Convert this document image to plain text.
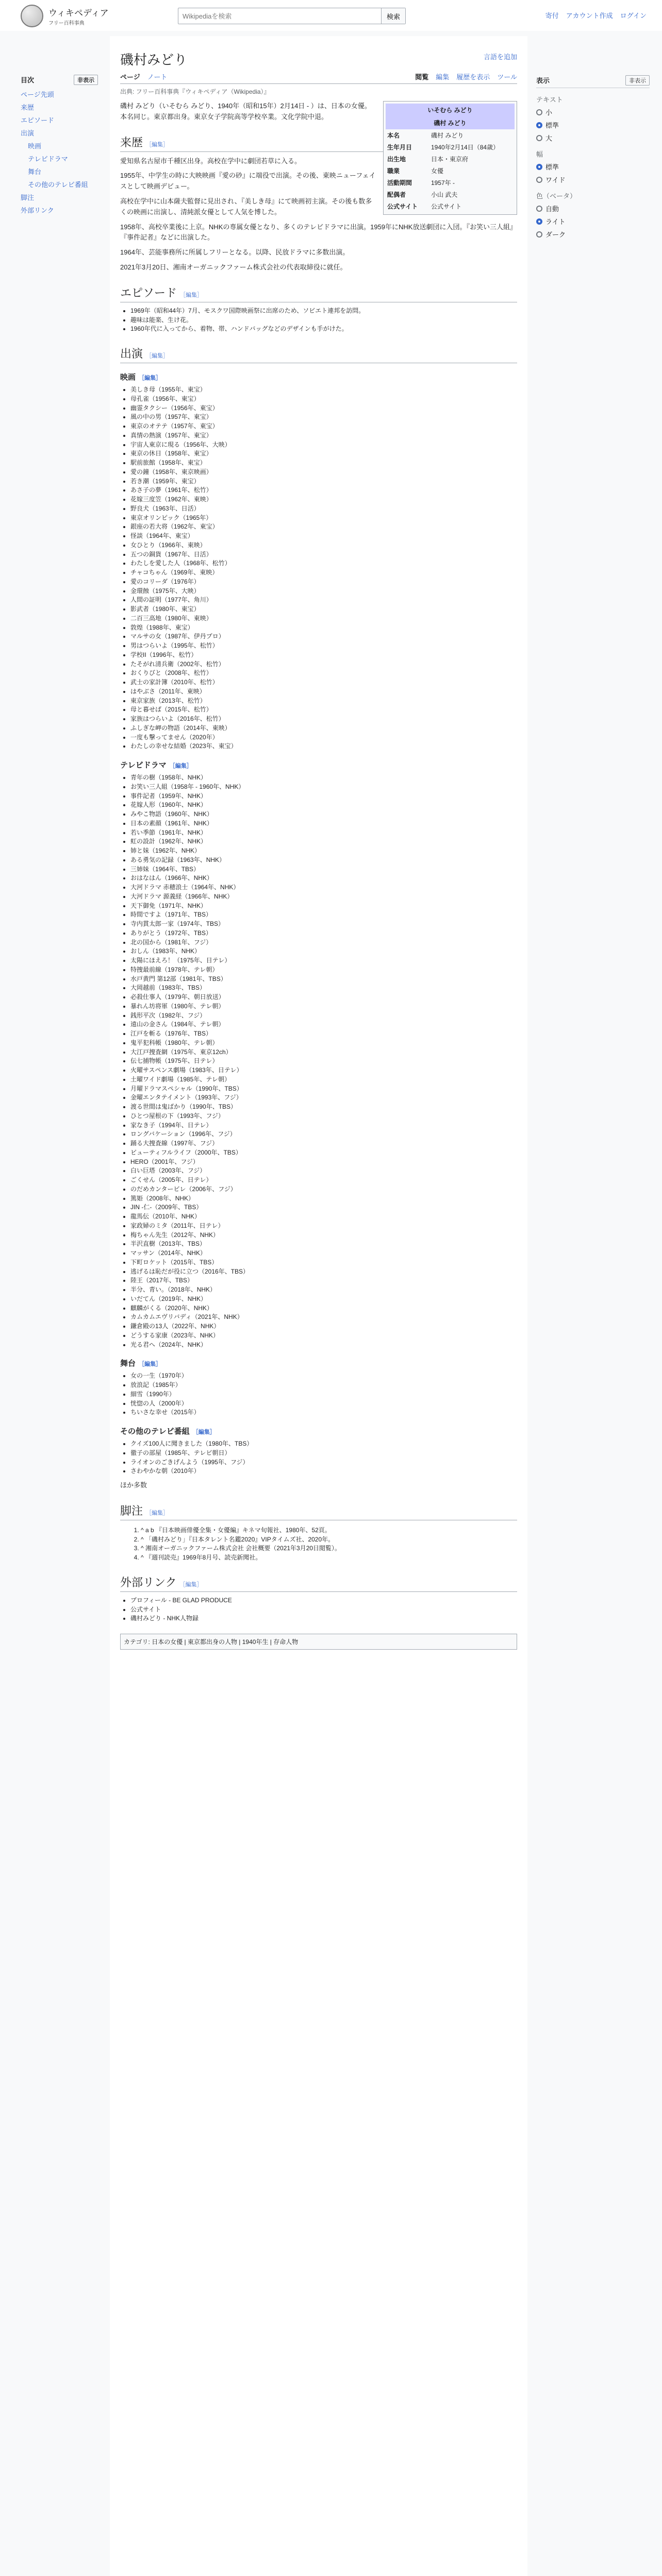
ウィキペディア
フリー百科事典
Wikipediaを検索
検索	寄付 アカウント作成 ログイン
目次	非表示
ページ先頭
来歴
エピソード
出演
映画
テレビドラマ
舞台
その他のテレビ番組
脚注
外部リンク
磯村みどり	言語を追加
ページ ノート	閲覧 編集 履歴を表示 ツール
出典: フリー百科事典『ウィキペディア（Wikipedia）』
いそむら みどり
磯村 みどり
本名	磯村 みどり
生年月日	1940年2月14日（84歳）
出生地	日本・東京府
職業	女優
活動期間	1957年 -
配偶者	小山 武夫
公式サイト	公式サイト

磯村 みどり（いそむら みどり、1940年（昭和15年）2月14日 - ）は、日本の女優。本名同じ。東京都出身。東京女子学院高等学校卒業。文化学院中退。

来歴 ［編集］

愛知県名古屋市千種区出身。高校在学中に劇団若草に入る。

1955年、中学生の時に大映映画『愛の砂』に端役で出演。その後、東映ニューフェイスとして映画デビュー。

高校在学中に山本薩夫監督に見出され、『美しき母』にて映画初主演。その後も数多くの映画に出演し、清純派女優として人気を博した。

1958年、高校卒業後に上京。NHKの専属女優となり、多くのテレビドラマに出演。1959年にNHK放送劇団に入団。『お笑い三人組』『事件記者』などに出演した。

1964年、芸能事務所に所属しフリーとなる。以降、民放ドラマに多数出演。

2021年3月20日、湘南オーガニックファーム株式会社の代表取締役に就任。

エピソード ［編集］
• 1969年（昭和44年）7月、モスクワ国際映画祭に出席のため、ソビエト連邦を訪問。
• 趣味は能楽、生け花。
• 1960年代に入ってから、着物、帯、ハンドバッグなどのデザインも手がけた。
出演 ［編集］
映画 ［編集］
• 美しき母（1955年、東宝）
• 母孔雀（1956年、東宝）
• 幽霊タクシー（1956年、東宝）
• 風の中の男（1957年、東宝）
• 東京のオテテ（1957年、東宝）
• 真情の熱演（1957年、東宝）
• 宇宙人東京に現る（1956年、大映）
• 東京の休日（1958年、東宝）
• 駅前旅館（1958年、東宝）
• 愛の鐘（1958年、東京映画）
• 若き潮（1959年、東宝）
• あさ子の夢（1961年、松竹）
• 花嫁三度笠（1962年、東映）
• 野良犬（1963年、日活）
• 東京オリンピック（1965年）
• 銀座の若大将（1962年、東宝）
• 怪談（1964年、東宝）
• 女ひとり（1966年、東映）
• 五つの銅貨（1967年、日活）
• わたしを愛した人（1968年、松竹）
• チャコちゃん（1969年、東映）
• 愛のコリーダ（1976年）
• 金環蝕（1975年、大映）
• 人間の証明（1977年、角川）
• 影武者（1980年、東宝）
• 二百三高地（1980年、東映）
• 敦煌（1988年、東宝）
• マルサの女（1987年、伊丹プロ）
• 男はつらいよ（1995年、松竹）
• 学校II（1996年、松竹）
• たそがれ清兵衛（2002年、松竹）
• おくりびと（2008年、松竹）
• 武士の家計簿（2010年、松竹）
• はやぶさ（2011年、東映）
• 東京家族（2013年、松竹）
• 母と暮せば（2015年、松竹）
• 家族はつらいよ（2016年、松竹）
• ふしぎな岬の物語（2014年、東映）
• 一度も撃ってません（2020年）
• わたしの幸せな結婚（2023年、東宝）
テレビドラマ ［編集］
• 青年の樹（1958年、NHK）
• お笑い三人組（1958年 - 1960年、NHK）
• 事件記者（1959年、NHK）
• 花嫁人形（1960年、NHK）
• みやこ物語（1960年、NHK）
• 日本の素顔（1961年、NHK）
• 若い季節（1961年、NHK）
• 虹の設計（1962年、NHK）
• 姉と妹（1962年、NHK）
• ある勇気の記録（1963年、NHK）
• 三姉妹（1964年、TBS）
• おはなはん（1966年、NHK）
• 大河ドラマ 赤穂浪士（1964年、NHK）
• 大河ドラマ 源義経（1966年、NHK）
• 天下御免（1971年、NHK）
• 時間ですよ（1971年、TBS）
• 寺内貫太郎一家（1974年、TBS）
• ありがとう（1972年、TBS）
• 北の国から（1981年、フジ）
• おしん（1983年、NHK）
• 太陽にほえろ！（1975年、日テレ）
• 特捜最前線（1978年、テレ朝）
• 水戸黄門 第12部（1981年、TBS）
• 大岡越前（1983年、TBS）
• 必殺仕事人（1979年、朝日放送）
• 暴れん坊将軍（1980年、テレ朝）
• 銭形平次（1982年、フジ）
• 遠山の金さん（1984年、テレ朝）
• 江戸を斬る（1976年、TBS）
• 鬼平犯科帳（1980年、テレ朝）
• 大江戸捜査網（1975年、東京12ch）
• 伝七捕物帳（1975年、日テレ）
• 火曜サスペンス劇場（1983年、日テレ）
• 土曜ワイド劇場（1985年、テレ朝）
• 月曜ドラマスペシャル（1990年、TBS）
• 金曜エンタテイメント（1993年、フジ）
• 渡る世間は鬼ばかり（1990年、TBS）
• ひとつ屋根の下（1993年、フジ）
• 家なき子（1994年、日テレ）
• ロングバケーション（1996年、フジ）
• 踊る大捜査線（1997年、フジ）
• ビューティフルライフ（2000年、TBS）
• HERO（2001年、フジ）
• 白い巨塔（2003年、フジ）
• ごくせん（2005年、日テレ）
• のだめカンタービレ（2006年、フジ）
• 篤姫（2008年、NHK）
• JIN -仁-（2009年、TBS）
• 龍馬伝（2010年、NHK）
• 家政婦のミタ（2011年、日テレ）
• 梅ちゃん先生（2012年、NHK）
• 半沢直樹（2013年、TBS）
• マッサン（2014年、NHK）
• 下町ロケット（2015年、TBS）
• 逃げるは恥だが役に立つ（2016年、TBS）
• 陸王（2017年、TBS）
• 半分、青い。（2018年、NHK）
• いだてん（2019年、NHK）
• 麒麟がくる（2020年、NHK）
• カムカムエヴリバディ（2021年、NHK）
• 鎌倉殿の13人（2022年、NHK）
• どうする家康（2023年、NHK）
• 光る君へ（2024年、NHK）
舞台 ［編集］
• 女の一生（1970年）
• 放浪記（1985年）
• 細雪（1990年）
• 恍惚の人（2000年）
• ちいさな幸せ（2015年）
その他のテレビ番組 ［編集］
• クイズ100人に聞きました（1980年、TBS）
• 徹子の部屋（1985年、テレビ朝日）
• ライオンのごきげんよう（1995年、フジ）
• さわやかな朝（2010年）

ほか多数

脚注 ［編集］
1. ^ a b 『日本映画俳優全集・女優編』キネマ旬報社、1980年、52頁。
2. ^ 「磯村みどり」『日本タレント名鑑2020』VIPタイムズ社、2020年。
3. ^ 湘南オーガニックファーム株式会社 会社概要（2021年3月20日閲覧）。
4. ^ 『週刊読売』1969年8月号、読売新聞社。
外部リンク ［編集］
• プロフィール - BE GLAD PRODUCE
• 公式サイト
• 磯村みどり - NHK人物録
カテゴリ: 日本の女優 | 東京都出身の人物 | 1940年生 | 存命人物
表示	非表示
テキスト
小
標準
大
幅
標準
ワイド
色（ベータ）
自動
ライト
ダーク
